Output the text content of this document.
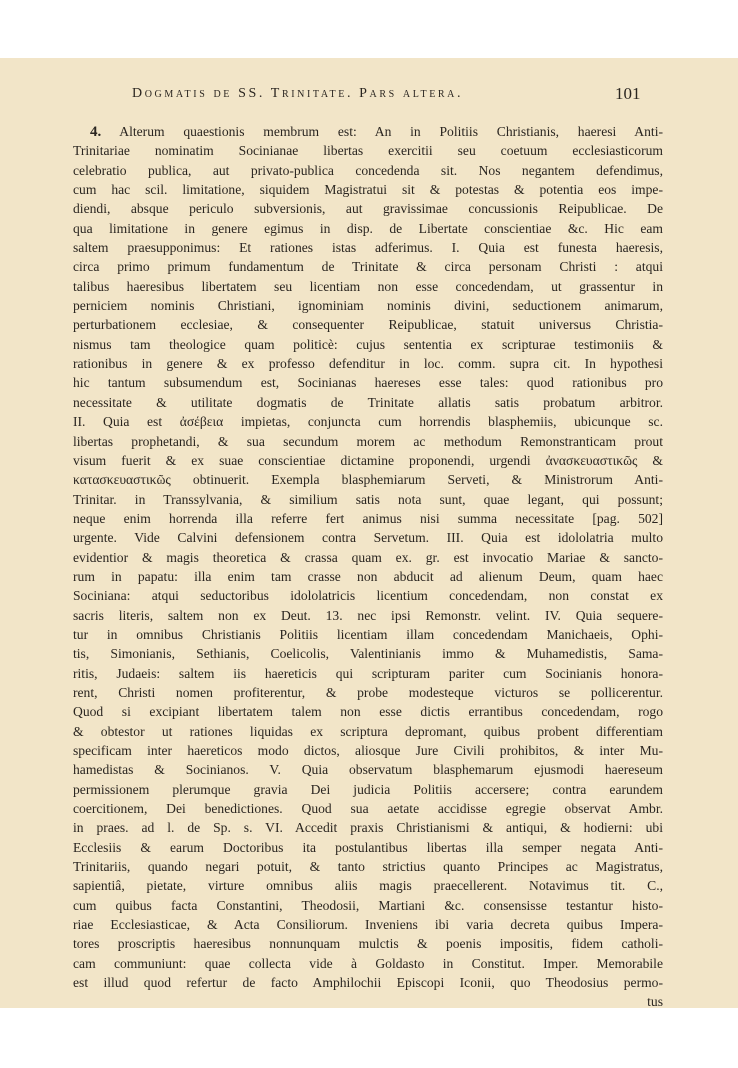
Dogmatis de SS. Trinitate. Pars altera.	101
4. Alterum quaestionis membrum est: An in Politiis Christianis, haeresi Anti-
Trinitariae nominatim Socinianae libertas exercitii seu coetuum ecclesiasticorum
celebratio publica, aut privato-publica concedenda sit. Nos negantem defendimus,
cum hac scil. limitatione, siquidem Magistratui sit & potestas & potentia eos impe-
diendi, absque periculo subversionis, aut gravissimae concussionis Reipublicae. De
qua limitatione in genere egimus in disp. de Libertate conscientiae &c. Hic eam
saltem praesupponimus: Et rationes istas adferimus. I. Quia est funesta haeresis,
circa primo primum fundamentum de Trinitate & circa personam Christi : atqui
talibus haeresibus libertatem seu licentiam non esse concedendam, ut grassentur in
perniciem nominis Christiani, ignominiam nominis divini, seductionem animarum,
perturbationem ecclesiae, & consequenter Reipublicae, statuit universus Christia-
nismus tam theologice quam politicè: cujus sententia ex scripturae testimoniis &
rationibus in genere & ex professo defenditur in loc. comm. supra cit. In hypothesi
hic tantum subsumendum est, Socinianas haereses esse tales: quod rationibus pro
necessitate & utilitate dogmatis de Trinitate allatis satis probatum arbitror.
II. Quia est ἀσέβεια impietas, conjuncta cum horrendis blasphemiis, ubicunque sc.
libertas prophetandi, & sua secundum morem ac methodum Remonstranticam prout
visum fuerit & ex suae conscientiae dictamine proponendi, urgendi ἀνασκευαστικῶς &
κατασκευαστικῶς obtinuerit. Exempla blasphemiarum Serveti, & Ministrorum Anti-
Trinitar. in Transsylvania, & similium satis nota sunt, quae legant, qui possunt;
neque enim horrenda illa referre fert animus nisi summa necessitate [pag. 502]
urgente. Vide Calvini defensionem contra Servetum. III. Quia est idololatria multo
evidentior & magis theoretica & crassa quam ex. gr. est invocatio Mariae & sancto-
rum in papatu: illa enim tam crasse non abducit ad alienum Deum, quam haec
Sociniana: atqui seductoribus idololatricis licentium concedendam, non constat ex
sacris literis, saltem non ex Deut. 13. nec ipsi Remonstr. velint. IV. Quia sequere-
tur in omnibus Christianis Politiis licentiam illam concedendam Manichaeis, Ophi-
tis, Simonianis, Sethianis, Coelicolis, Valentinianis immo & Muhamedistis, Sama-
ritis, Judaeis: saltem iis haereticis qui scripturam pariter cum Socinianis honora-
rent, Christi nomen profiterentur, & probe modesteque victuros se pollicerentur.
Quod si excipiant libertatem talem non esse dictis errantibus concedendam, rogo
& obtestor ut rationes liquidas ex scriptura depromant, quibus probent differentiam
specificam inter haereticos modo dictos, aliosque Jure Civili prohibitos, & inter Mu-
hamedistas & Socinianos. V. Quia observatum blasphemarum ejusmodi haereseum
permissionem plerumque gravia Dei judicia Politiis accersere; contra earundem
coercitionem, Dei benedictiones. Quod sua aetate accidisse egregie observat Ambr.
in praes. ad l. de Sp. s. VI. Accedit praxis Christianismi & antiqui, & hodierni: ubi
Ecclesiis & earum Doctoribus ita postulantibus libertas illa semper negata Anti-
Trinitariis, quando negari potuit, & tanto strictius quanto Principes ac Magistratus,
sapientiâ, pietate, virture omnibus aliis magis praecellerent. Notavimus tit. C.,
cum quibus facta Constantini, Theodosii, Martiani &c. consensisse testantur histo-
riae Ecclesiasticae, & Acta Consiliorum. Inveniens ibi varia decreta quibus Impera-
tores proscriptis haeresibus nonnunquam mulctis & poenis impositis, fidem catholi-
cam communiunt: quae collecta vide à Goldasto in Constitut. Imper. Memorabile
est illud quod refertur de facto Amphilochii Episcopi Iconii, quo Theodosius permo-
tus
